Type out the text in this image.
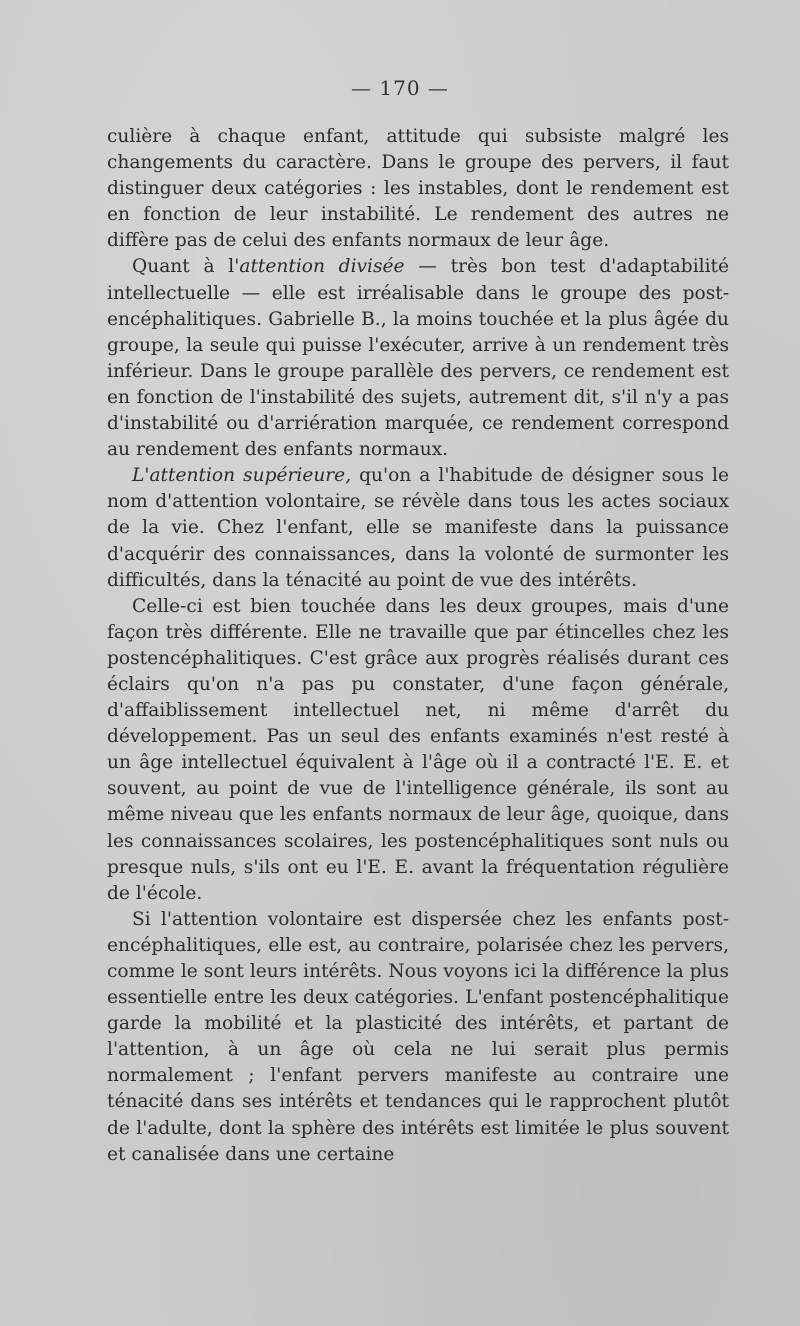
— 170 —

culière à chaque enfant, attitude qui subsiste malgré les changements du caractère. Dans le groupe des pervers, il faut distinguer deux catégories : les instables, dont le rendement est en fonction de leur instabilité. Le rendement des autres ne diffère pas de celui des enfants normaux de leur âge.

Quant à l'attention divisée — très bon test d'adaptabilité intellectuelle — elle est irréalisable dans le groupe des post-encéphalitiques. Gabrielle B., la moins touchée et la plus âgée du groupe, la seule qui puisse l'exécuter, arrive à un rendement très inférieur. Dans le groupe parallèle des pervers, ce rendement est en fonction de l'instabilité des sujets, autrement dit, s'il n'y a pas d'instabilité ou d'arriération marquée, ce rendement correspond au rendement des enfants normaux.

L'attention supérieure, qu'on a l'habitude de désigner sous le nom d'attention volontaire, se révèle dans tous les actes sociaux de la vie. Chez l'enfant, elle se manifeste dans la puissance d'acquérir des connaissances, dans la volonté de surmonter les difficultés, dans la ténacité au point de vue des intérêts.

Celle-ci est bien touchée dans les deux groupes, mais d'une façon très différente. Elle ne travaille que par étincelles chez les postencéphalitiques. C'est grâce aux progrès réalisés durant ces éclairs qu'on n'a pas pu constater, d'une façon générale, d'affaiblissement intellectuel net, ni même d'arrêt du développement. Pas un seul des enfants examinés n'est resté à un âge intellectuel équivalent à l'âge où il a contracté l'E. E. et souvent, au point de vue de l'intelligence générale, ils sont au même niveau que les enfants normaux de leur âge, quoique, dans les connaissances scolaires, les postencéphalitiques sont nuls ou presque nuls, s'ils ont eu l'E. E. avant la fréquentation régulière de l'école.

Si l'attention volontaire est dispersée chez les enfants post-encéphalitiques, elle est, au contraire, polarisée chez les pervers, comme le sont leurs intérêts. Nous voyons ici la différence la plus essentielle entre les deux catégories. L'enfant postencéphalitique garde la mobilité et la plasticité des intérêts, et partant de l'attention, à un âge où cela ne lui serait plus permis normalement ; l'enfant pervers manifeste au contraire une ténacité dans ses intérêts et tendances qui le rapprochent plutôt de l'adulte, dont la sphère des intérêts est limitée le plus souvent et canalisée dans une certaine
